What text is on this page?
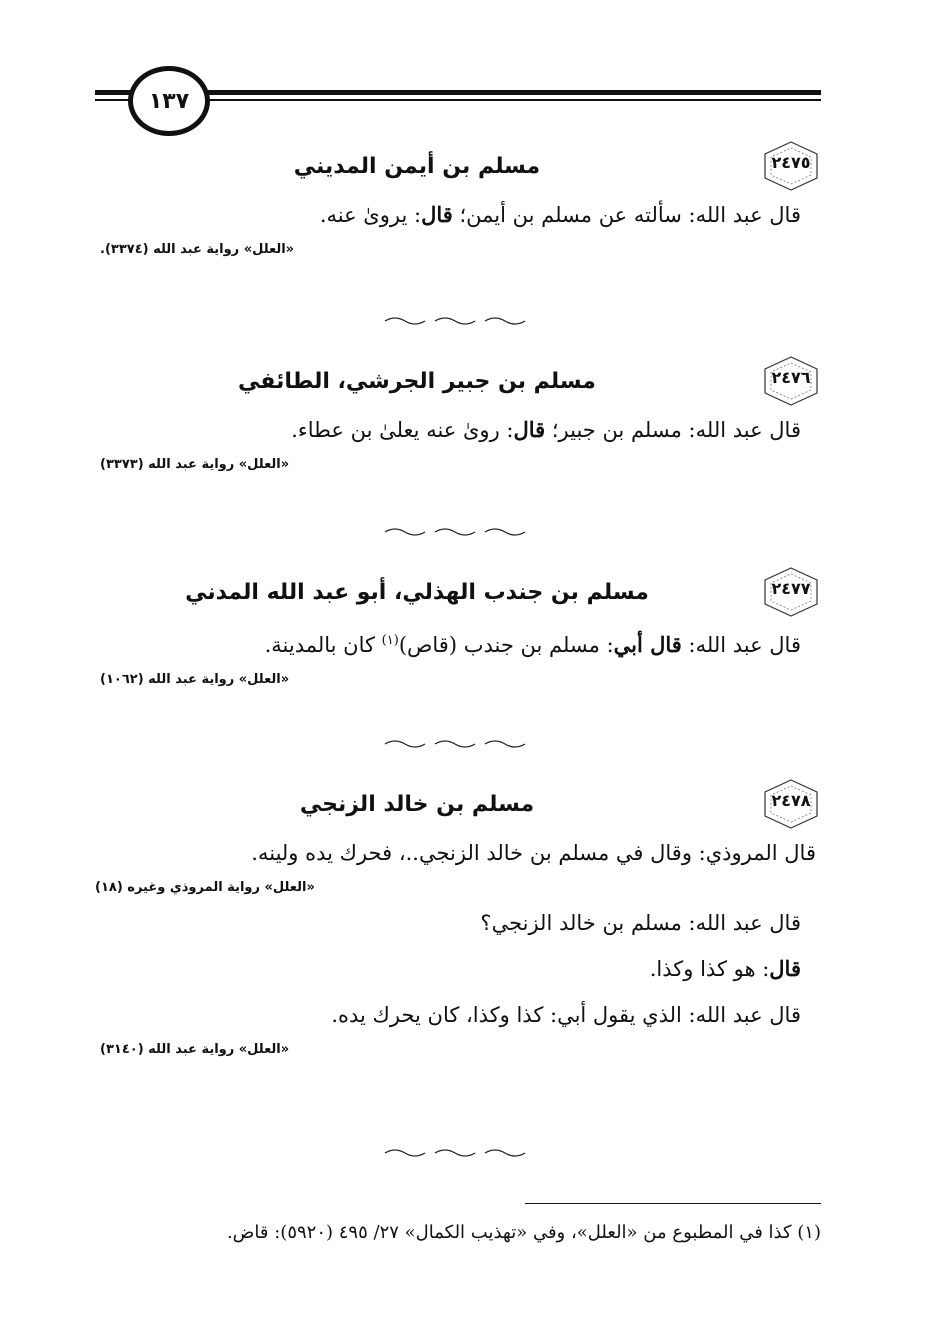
١٣٧
٢٤٧٥
مسلم بن أيمن المديني
قال عبد الله: سألته عن مسلم بن أيمن؛ قال: يروىٰ عنه.
«العلل» رواية عبد الله (٣٣٧٤).
٢٤٧٦
مسلم بن جبير الجرشي، الطائفي
قال عبد الله: مسلم بن جبير؛ قال: روىٰ عنه يعلىٰ بن عطاء.
«العلل» رواية عبد الله (٣٣٧٣)
٢٤٧٧
مسلم بن جندب الهذلي، أبو عبد الله المدني
قال عبد الله: قال أبي: مسلم بن جندب (قاص)$^{(١)}$ كان بالمدينة.
«العلل» رواية عبد الله (١٠٦٢)
٢٤٧٨
مسلم بن خالد الزنجي
قال المروذي: وقال في مسلم بن خالد الزنجي..، فحرك يده ولينه.
«العلل» رواية المروذي وغيره (١٨)
قال عبد الله: مسلم بن خالد الزنجي؟
قال: هو كذا وكذا.
قال عبد الله: الذي يقول أبي: كذا وكذا، كان يحرك يده.
«العلل» رواية عبد الله (٣١٤٠)
(١) كذا في المطبوع من «العلل»، وفي «تهذيب الكمال» ٢٧/ ٤٩٥ (٥٩٢٠): قاض.
